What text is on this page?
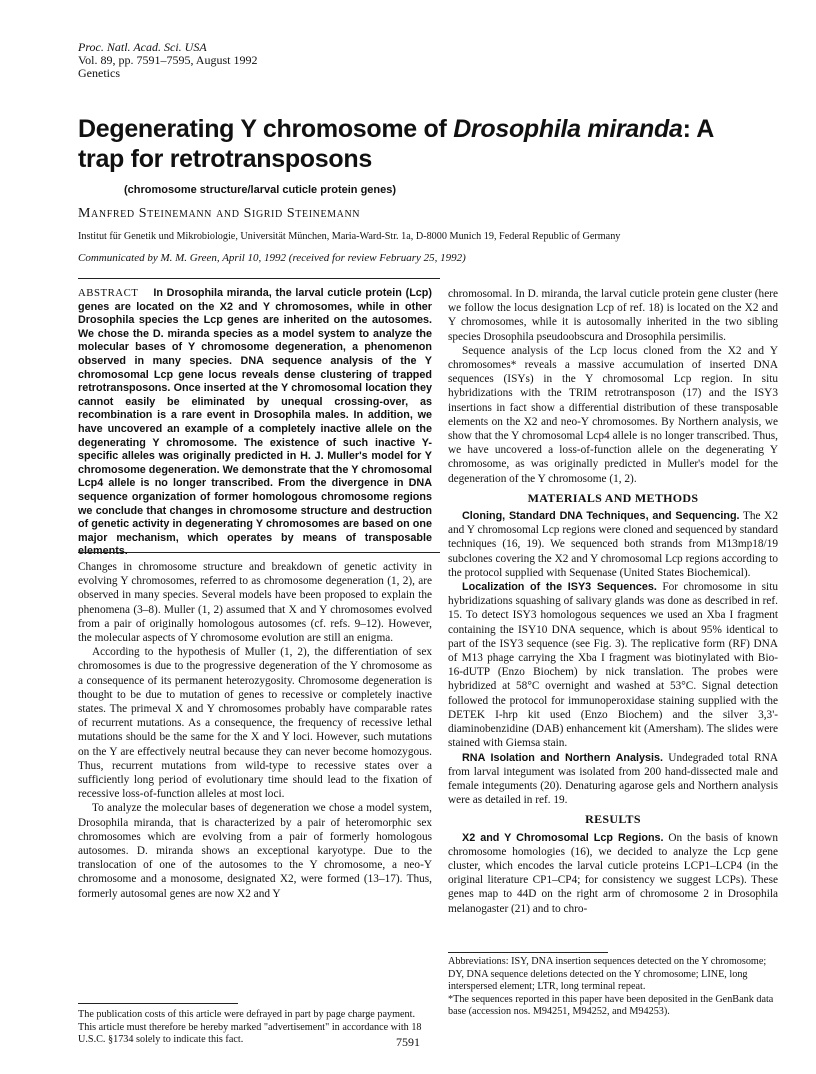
Proc. Natl. Acad. Sci. USA
Vol. 89, pp. 7591–7595, August 1992
Genetics
Degenerating Y chromosome of Drosophila miranda: A trap for retrotransposons
(chromosome structure/larval cuticle protein genes)
Manfred Steinemann and Sigrid Steinemann
Institut für Genetik und Mikrobiologie, Universität München, Maria-Ward-Str. 1a, D-8000 Munich 19, Federal Republic of Germany
Communicated by M. M. Green, April 10, 1992 (received for review February 25, 1992)
ABSTRACT In Drosophila miranda, the larval cuticle protein (Lcp) genes are located on the X2 and Y chromosomes, while in other Drosophila species the Lcp genes are inherited on the autosomes. We chose the D. miranda species as a model system to analyze the molecular bases of Y chromosome degeneration, a phenomenon observed in many species. DNA sequence analysis of the Y chromosomal Lcp gene locus reveals dense clustering of trapped retrotransposons. Once inserted at the Y chromosomal location they cannot easily be eliminated by unequal crossing-over, as recombination is a rare event in Drosophila males. In addition, we have uncovered an example of a completely inactive allele on the degenerating Y chromosome. The existence of such inactive Y-specific alleles was originally predicted in H. J. Muller's model for Y chromosome degeneration. We demonstrate that the Y chromosomal Lcp4 allele is no longer transcribed. From the divergence in DNA sequence organization of former homologous chromosome regions we conclude that changes in chromosome structure and destruction of genetic activity in degenerating Y chromosomes are based on one major mechanism, which operates by means of transposable

Changes in chromosome structure and breakdown of genetic activity in evolving Y chromosomes, referred to as chromosome degeneration (1, 2), are observed in many species. Several models have been proposed to explain the phenomena (3–8). Muller (1, 2) assumed that X and Y chromosomes evolved from a pair of originally homologous autosomes (cf. refs. 9–12). However, the molecular aspects of Y chromosome evolution are still an enigma.

According to the hypothesis of Muller (1, 2), the differentiation of sex chromosomes is due to the progressive degeneration of the Y chromosome as a consequence of its permanent heterozygosity. Chromosome degeneration is thought to be due to mutation of genes to recessive or completely inactive states. The primeval X and Y chromosomes probably have comparable rates of recurrent mutations. As a consequence, the frequency of recessive lethal mutations should be the same for the X and Y loci. However, such mutations on the Y are effectively neutral because they can never become homozygous. Thus, recurrent mutations from wild-type to recessive states over a sufficiently long period of evolutionary time should lead to the fixation of recessive loss-of-function alleles at most loci.

To analyze the molecular bases of degeneration we chose a model system, Drosophila miranda, that is characterized by a pair of heteromorphic sex chromosomes which are evolving from a pair of formerly homologous autosomes. D. miranda shows an exceptional karyotype. Due to the translocation of one of the autosomes to the Y chromosome, a neo-Y chromosome and a monosome, designated X2, were formed (13–17). Thus, formerly autosomal genes are now X2 and Y

The publication costs of this article were defrayed in part by page charge payment. This article must therefore be hereby marked "advertisement" in accordance with 18 U.S.C. §1734 solely to indicate this fact.

chromosomal. In D. miranda, the larval cuticle protein gene cluster (here we follow the locus designation Lcp of ref. 18) is located on the X2 and Y chromosomes, while it is autosomally inherited in the two sibling species Drosophila pseudoobscura and Drosophila persimilis.

Sequence analysis of the Lcp locus cloned from the X2 and Y chromosomes* reveals a massive accumulation of inserted DNA sequences (ISYs) in the Y chromosomal Lcp region. In situ hybridizations with the TRIM retrotransposon (17) and the ISY3 insertions in fact show a differential distribution of these transposable elements on the X2 and neo-Y chromosomes. By Northern analysis, we show that the Y chromosomal Lcp4 allele is no longer transcribed. Thus, we have uncovered a loss-of-function allele on the degenerating Y chromosome, as was originally predicted in Muller's model for the degeneration of the Y chromosome (1, 2).

MATERIALS AND METHODS

Cloning, Standard DNA Techniques, and Sequencing. The X2 and Y chromosomal Lcp regions were cloned and sequenced by standard techniques (16, 19). We sequenced both strands from M13mp18/19 subclones covering the X2 and Y chromosomal Lcp regions according to the protocol supplied with Sequenase (United States Biochemical).

Localization of the ISY3 Sequences. For chromosome in situ hybridizations squashing of salivary glands was done as described in ref. 15. To detect ISY3 homologous sequences we used an Xba I fragment containing the ISY10 DNA sequence, which is about 95% identical to part of the ISY3 sequence (see Fig. 3). The replicative form (RF) DNA of M13 phage carrying the Xba I fragment was biotinylated with Bio-16-dUTP (Enzo Biochem) by nick translation. The probes were hybridized at 58°C overnight and washed at 53°C. Signal detection followed the protocol for immunoperoxidase staining supplied with the DETEK I-hrp kit used (Enzo Biochem) and the silver 3,3'-diaminobenzidine (DAB) enhancement kit (Amersham). The slides were stained with Giemsa stain.

RNA Isolation and Northern Analysis. Undegraded total RNA from larval integument was isolated from 200 hand-dissected male and female integuments (20). Denaturing agarose gels and Northern analysis were as detailed in ref. 19.

RESULTS

X2 and Y Chromosomal Lcp Regions. On the basis of known chromosome homologies (16), we decided to analyze the Lcp gene cluster, which encodes the larval cuticle proteins LCP1–LCP4 (in the original literature CP1–CP4; for consistency we suggest LCPs). These genes map to 44D on the right arm of chromosome 2 in Drosophila melanogaster (21) and to chro-

Abbreviations: ISY, DNA insertion sequences detected on the Y chromosome; DY, DNA sequence deletions detected on the Y chromosome; LINE, long interspersed element; LTR, long terminal repeat.
*The sequences reported in this paper have been deposited in the GenBank data base (accession nos. M94251, M94252, and M94253).
7591
